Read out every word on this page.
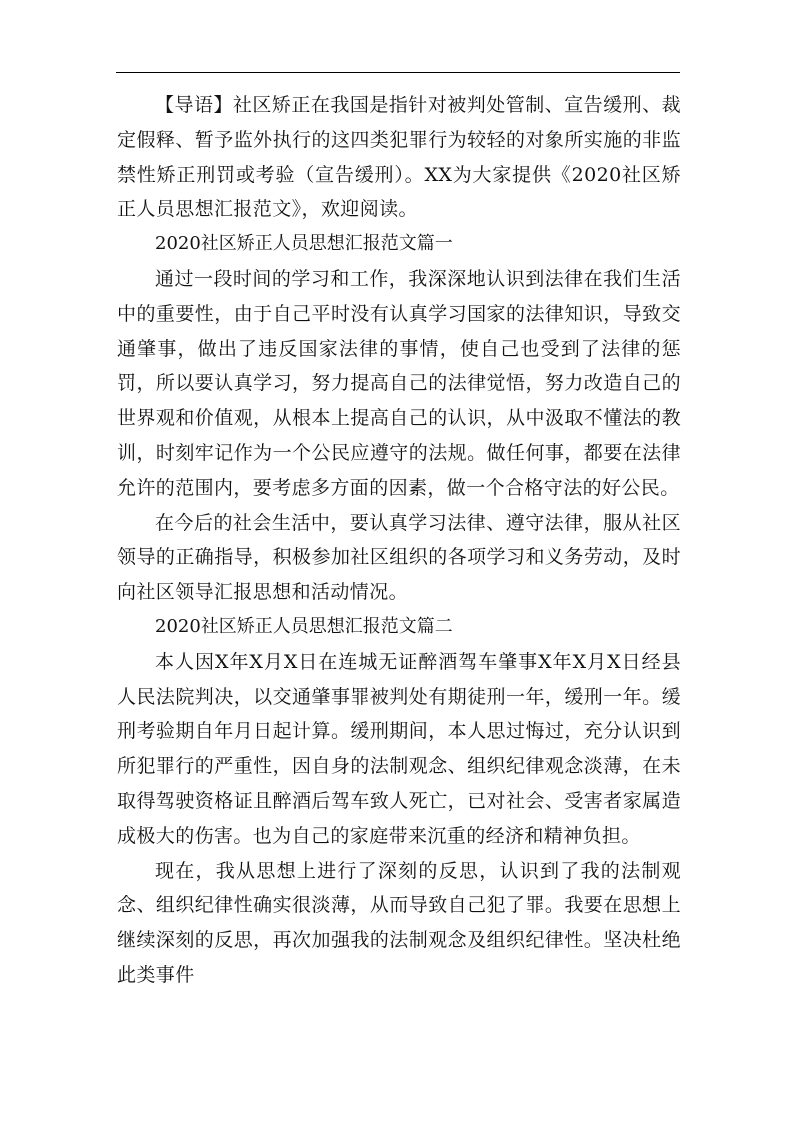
【导语】社区矫正在我国是指针对被判处管制、宣告缓刑、裁定假释、暂予监外执行的这四类犯罪行为较轻的对象所实施的非监禁性矫正刑罚或考验（宣告缓刑）。XX为大家提供《2020社区矫正人员思想汇报范文》，欢迎阅读。

2020社区矫正人员思想汇报范文篇一

通过一段时间的学习和工作，我深深地认识到法律在我们生活中的重要性，由于自己平时没有认真学习国家的法律知识，导致交通肇事，做出了违反国家法律的事情，使自己也受到了法律的惩罚，所以要认真学习，努力提高自己的法律觉悟，努力改造自己的世界观和价值观，从根本上提高自己的认识，从中汲取不懂法的教训，时刻牢记作为一个公民应遵守的法规。做任何事，都要在法律允许的范围内，要考虑多方面的因素，做一个合格守法的好公民。

在今后的社会生活中，要认真学习法律、遵守法律，服从社区领导的正确指导，积极参加社区组织的各项学习和义务劳动，及时向社区领导汇报思想和活动情况。

2020社区矫正人员思想汇报范文篇二

本人因X年X月X日在连城无证醉酒驾车肇事X年X月X日经县人民法院判决，以交通肇事罪被判处有期徒刑一年，缓刑一年。缓刑考验期自年月日起计算。缓刑期间，本人思过悔过，充分认识到所犯罪行的严重性，因自身的法制观念、组织纪律观念淡薄，在未取得驾驶资格证且醉酒后驾车致人死亡，已对社会、受害者家属造成极大的伤害。也为自己的家庭带来沉重的经济和精神负担。

现在，我从思想上进行了深刻的反思，认识到了我的法制观念、组织纪律性确实很淡薄，从而导致自己犯了罪。我要在思想上继续深刻的反思，再次加强我的法制观念及组织纪律性。坚决杜绝此类事件
